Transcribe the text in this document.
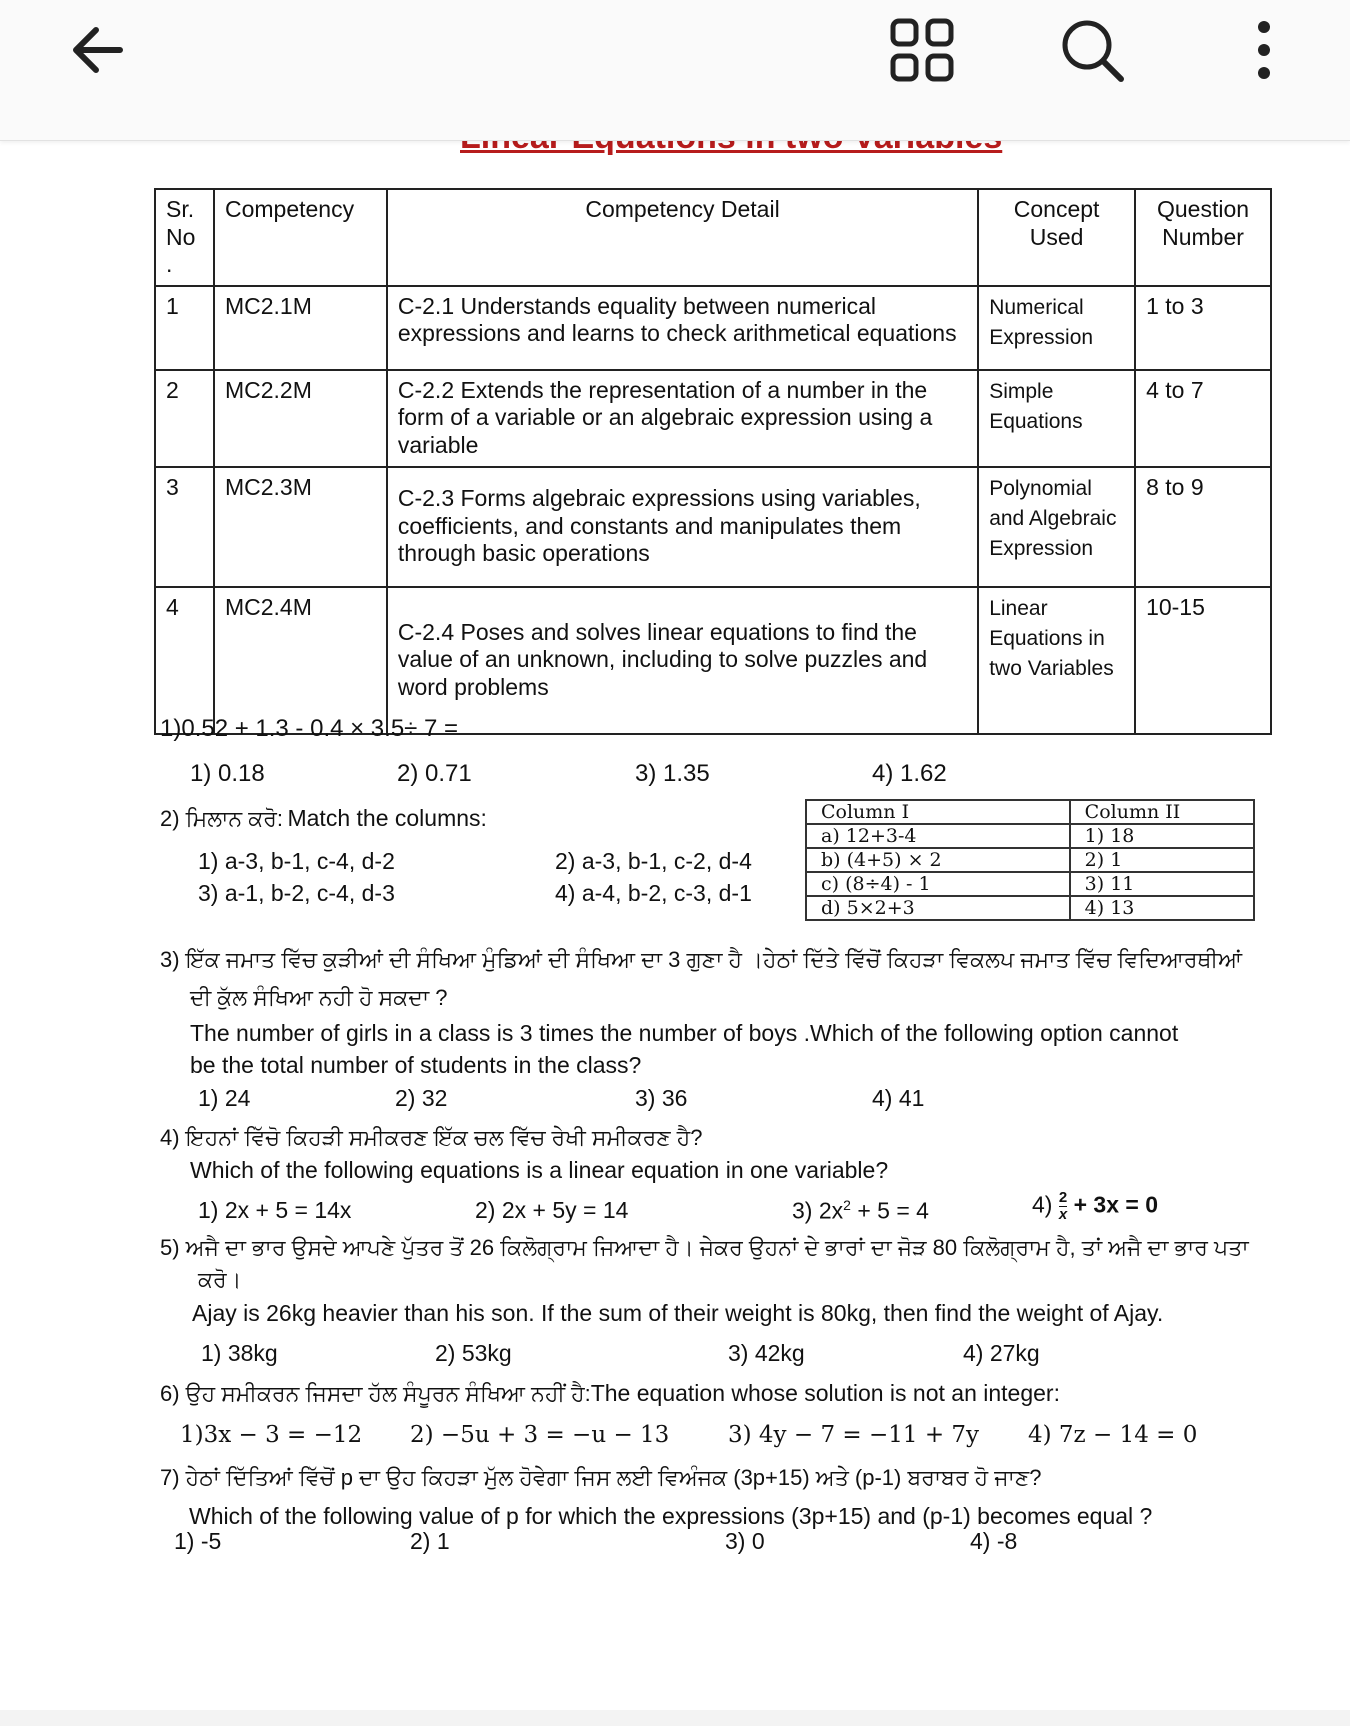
Sr. No .	Competency	Competency Detail	Concept Used	Question Number
1	MC2.1M	C-2.1 Understands equality between numerical expressions and learns to check arithmetical equations	Numerical Expression	1 to 3
2	MC2.2M	C-2.2 Extends the representation of a number in the form of a variable or an algebraic expression using a variable	Simple Equations	4 to 7
3	MC2.3M	C-2.3 Forms algebraic expressions using variables, coefficients, and constants and manipulates them through basic operations	Polynomial and Algebraic Expression	8 to 9
4	MC2.4M	C-2.4 Poses and solves linear equations to find the value of an unknown, including to solve puzzles and word problems	Linear Equations in two Variables	10-15
1)0.52 + 1.3 - 0.4 × 3.5÷ 7 =
1) 0.18	2) 0.71	3) 1.35	4) 1.62
2) ਮਿਲਾਨ ਕਰੋ: Match the columns:
1) a-3, b-1, c-4, d-2	2) a-3, b-1, c-2, d-4
3) a-1, b-2, c-4, d-3	4) a-4, b-2, c-3, d-1
Column I	Column II
a) 12+3-4	1) 18
b) (4+5) × 2	2) 1
c) (8÷4) - 1	3) 11
d) 5×2+3	4) 13
3) ਇੱਕ ਜਮਾਤ ਵਿੱਚ ਕੁੜੀਆਂ ਦੀ ਸੰਖਿਆ ਮੁੰਡਿਆਂ ਦੀ ਸੰਖਿਆ ਦਾ 3 ਗੁਣਾ ਹੈ ।ਹੇਠਾਂ ਦਿੱਤੇ ਵਿੱਚੋਂ ਕਿਹੜਾ ਵਿਕਲਪ ਜਮਾਤ ਵਿੱਚ ਵਿਦਿਆਰਥੀਆਂ
ਦੀ ਕੁੱਲ ਸੰਖਿਆ ਨਹੀ ਹੋ ਸਕਦਾ ?
The number of girls in a class is 3 times the number of boys .Which of the following option cannot
be the total number of students in the class?
1) 24	2) 32	3) 36	4) 41
4) ਇਹਨਾਂ ਵਿੱਚੋ ਕਿਹੜੀ ਸਮੀਕਰਣ ਇੱਕ ਚਲ ਵਿੱਚ ਰੇਖੀ ਸਮੀਕਰਣ ਹੈ?
Which of the following equations is a linear equation in one variable?
1) 2x + 5 = 14x	2) 2x + 5y = 14	3) $2x^2 + 5 = 4$	$4) \frac{2}{x} + 3x = 0$
5) ਅਜੈ ਦਾ ਭਾਰ ਉਸਦੇ ਆਪਣੇ ਪੁੱਤਰ ਤੋਂ 26 ਕਿਲੋਗ੍ਰਾਮ ਜਿਆਦਾ ਹੈ। ਜੇਕਰ ਉਹਨਾਂ ਦੇ ਭਾਰਾਂ ਦਾ ਜੋੜ 80 ਕਿਲੋਗ੍ਰਾਮ ਹੈ, ਤਾਂ ਅਜੈ ਦਾ ਭਾਰ ਪਤਾ
ਕਰੋ।
Ajay is 26kg heavier than his son. If the sum of their weight is 80kg, then find the weight of Ajay.
1) 38kg	2) 53kg	3) 42kg	4) 27kg
6) ਉਹ ਸਮੀਕਰਨ ਜਿਸਦਾ ਹੱਲ ਸੰਪੂਰਨ ਸੰਖਿਆ ਨਹੀਂ ਹੈ:The equation whose solution is not an integer:
1)3x − 3 = −12 2) −5u + 3 = −u − 13	3) 4y − 7 = −11 + 7y 4) 7z − 14 = 0
7) ਹੇਠਾਂ ਦਿੱਤਿਆਂ ਵਿੱਚੋਂ p ਦਾ ਉਹ ਕਿਹੜਾ ਮੁੱਲ ਹੋਵੇਗਾ ਜਿਸ ਲਈ ਵਿਅੰਜਕ (3p+15) ਅਤੇ (p-1) ਬਰਾਬਰ ਹੋ ਜਾਣ?
Which of the following value of p for which the expressions (3p+15) and (p-1) becomes equal ?
1) -5	2) 1	3) 0	4) -8
